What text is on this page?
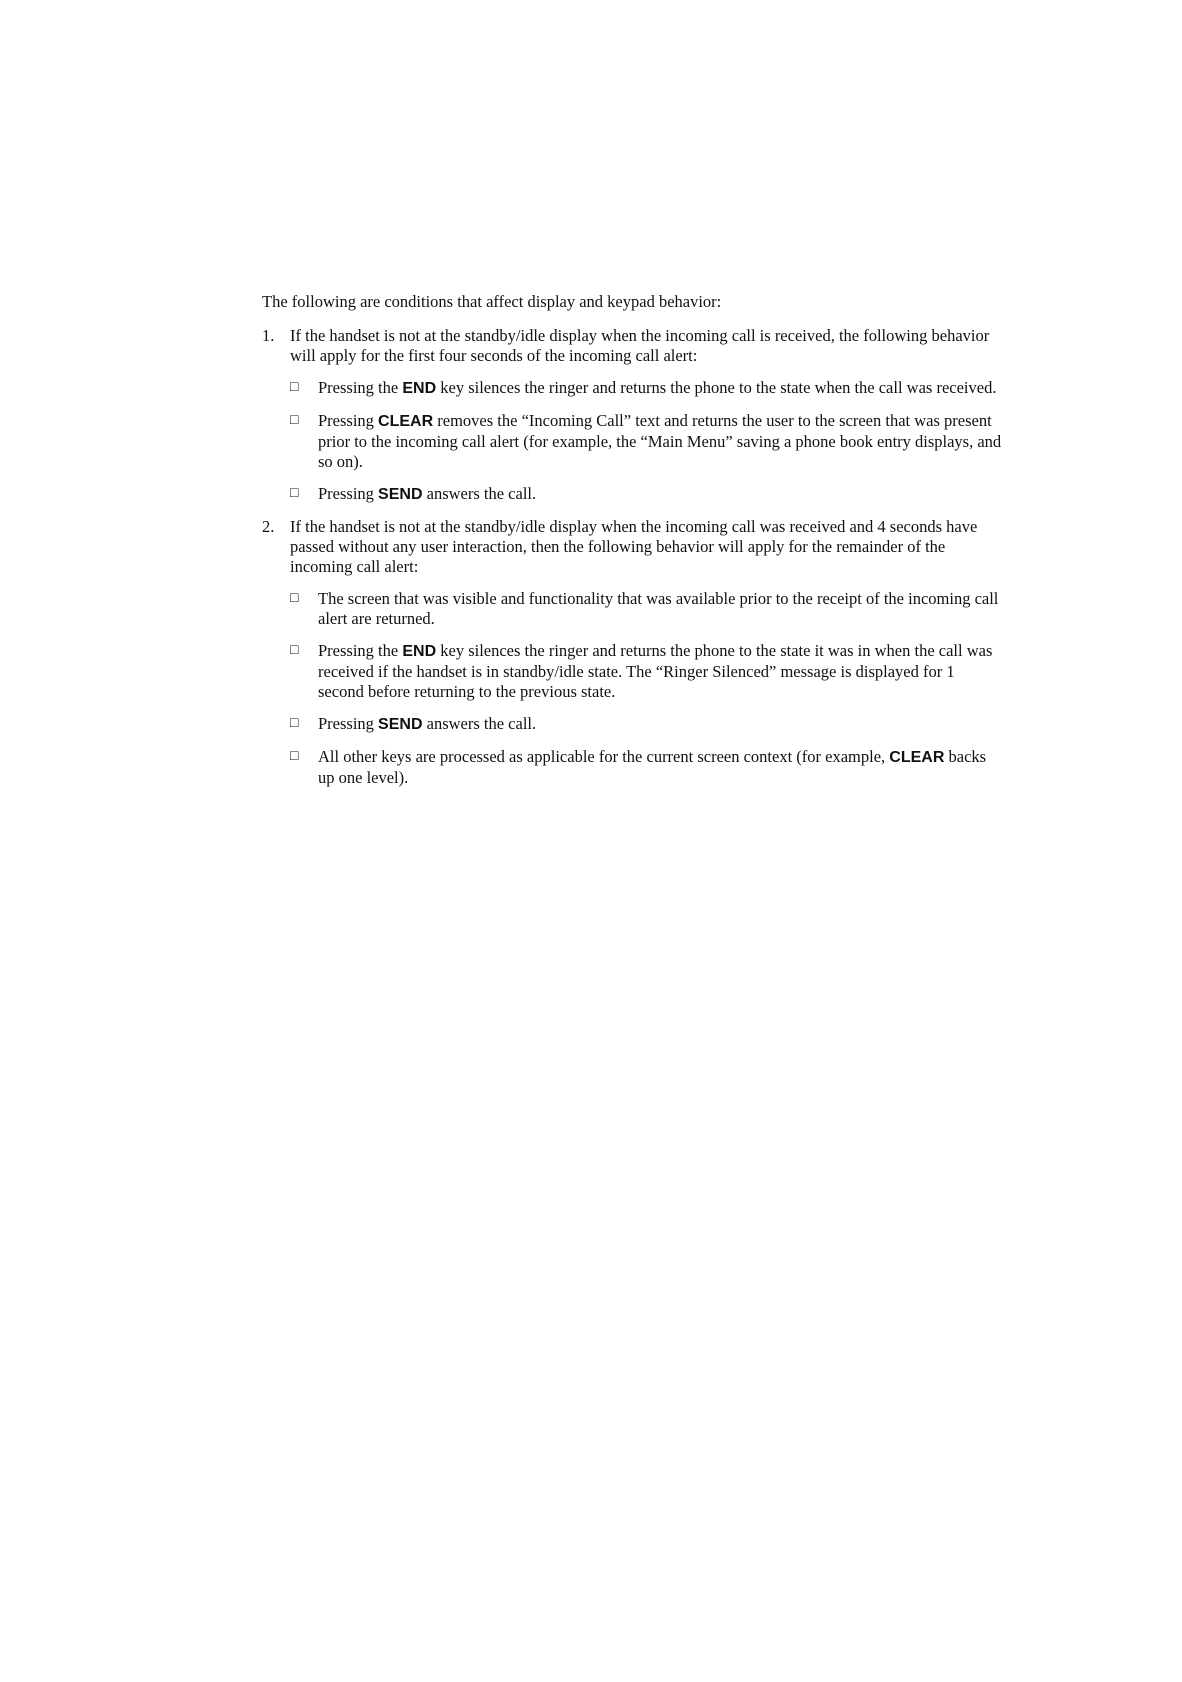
The following are conditions that affect display and keypad behavior:

1. If the handset is not at the standby/idle display when the incoming call is received, the following behavior will apply for the first four seconds of the incoming call alert:

□	Pressing the END key silences the ringer and returns the phone to the state when the call was received.
□	Pressing CLEAR removes the “Incoming Call” text and returns the user to the screen that was present prior to the incoming call alert (for example, the “Main Menu” saving a phone book entry displays, and so on).
□	Pressing SEND answers the call.
2. If the handset is not at the standby/idle display when the incoming call was received and 4 seconds have passed without any user interaction, then the following behavior will apply for the remainder of the incoming call alert:

□	The screen that was visible and functionality that was available prior to the receipt of the incoming call alert are returned.
□	Pressing the END key silences the ringer and returns the phone to the state it was in when the call was received if the handset is in standby/idle state. The “Ringer Silenced” message is displayed for 1 second before returning to the previous state.
□	Pressing SEND answers the call.
□	All other keys are processed as applicable for the current screen context (for example, CLEAR backs up one level).
